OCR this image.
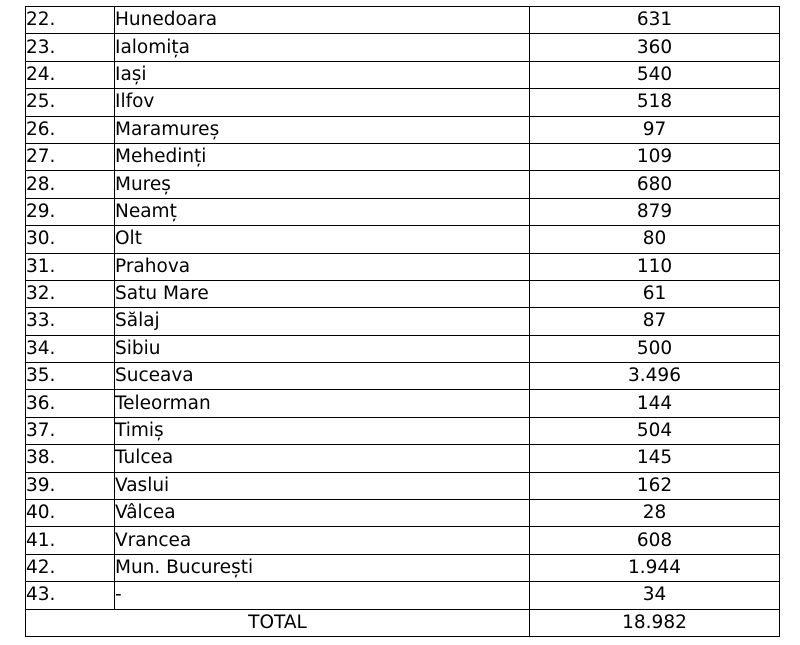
22.	Hunedoara	631
23.	Ialomița	360
24.	Iași	540
25.	Ilfov	518
26.	Maramureș	97
27.	Mehedinți	109
28.	Mureș	680
29.	Neamț	879
30.	Olt	80
31.	Prahova	110
32.	Satu Mare	61
33.	Sălaj	87
34.	Sibiu	500
35.	Suceava	3.496
36.	Teleorman	144
37.	Timiș	504
38.	Tulcea	145
39.	Vaslui	162
40.	Vâlcea	28
41.	Vrancea	608
42.	Mun. București	1.944
43.	-	34
TOTAL		18.982
